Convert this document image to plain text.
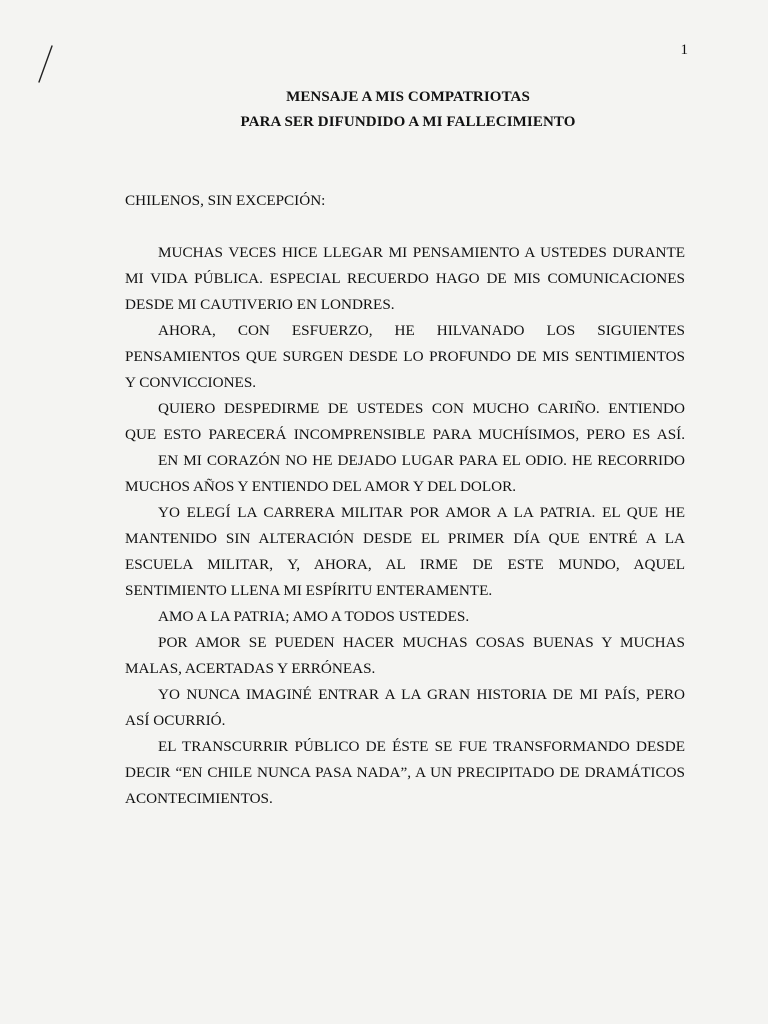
1
MENSAJE A MIS COMPATRIOTAS
PARA SER DIFUNDIDO A MI FALLECIMIENTO
CHILENOS, SIN EXCEPCIÓN:
MUCHAS VECES HICE LLEGAR MI PENSAMIENTO A USTEDES DURANTE
MI VIDA PÚBLICA. ESPECIAL RECUERDO HAGO DE MIS COMUNICACIONES
DESDE MI CAUTIVERIO EN LONDRES.
AHORA, CON ESFUERZO, HE HILVANADO LOS SIGUIENTES
PENSAMIENTOS QUE SURGEN DESDE LO PROFUNDO DE MIS SENTIMIENTOS
Y CONVICCIONES.
QUIERO DESPEDIRME DE USTEDES CON MUCHO CARIÑO. ENTIENDO
QUE ESTO PARECERÁ INCOMPRENSIBLE PARA MUCHÍSIMOS, PERO ES ASÍ.
EN MI CORAZÓN NO HE DEJADO LUGAR PARA EL ODIO. HE RECORRIDO
MUCHOS AÑOS Y ENTIENDO DEL AMOR Y DEL DOLOR.
YO ELEGÍ LA CARRERA MILITAR POR AMOR A LA PATRIA. EL QUE HE
MANTENIDO SIN ALTERACIÓN DESDE EL PRIMER DÍA QUE ENTRÉ A LA
ESCUELA MILITAR, Y, AHORA, AL IRME DE ESTE MUNDO, AQUEL
SENTIMIENTO LLENA MI ESPÍRITU ENTERAMENTE.
AMO A LA PATRIA; AMO A TODOS USTEDES.
POR AMOR SE PUEDEN HACER MUCHAS COSAS BUENAS Y MUCHAS
MALAS, ACERTADAS Y ERRÓNEAS.
YO NUNCA IMAGINÉ ENTRAR A LA GRAN HISTORIA DE MI PAÍS, PERO
ASÍ OCURRIÓ.
EL TRANSCURRIR PÚBLICO DE ÉSTE SE FUE TRANSFORMANDO DESDE
DECIR “EN CHILE NUNCA PASA NADA”, A UN PRECIPITADO DE DRAMÁTICOS
ACONTECIMIENTOS.
